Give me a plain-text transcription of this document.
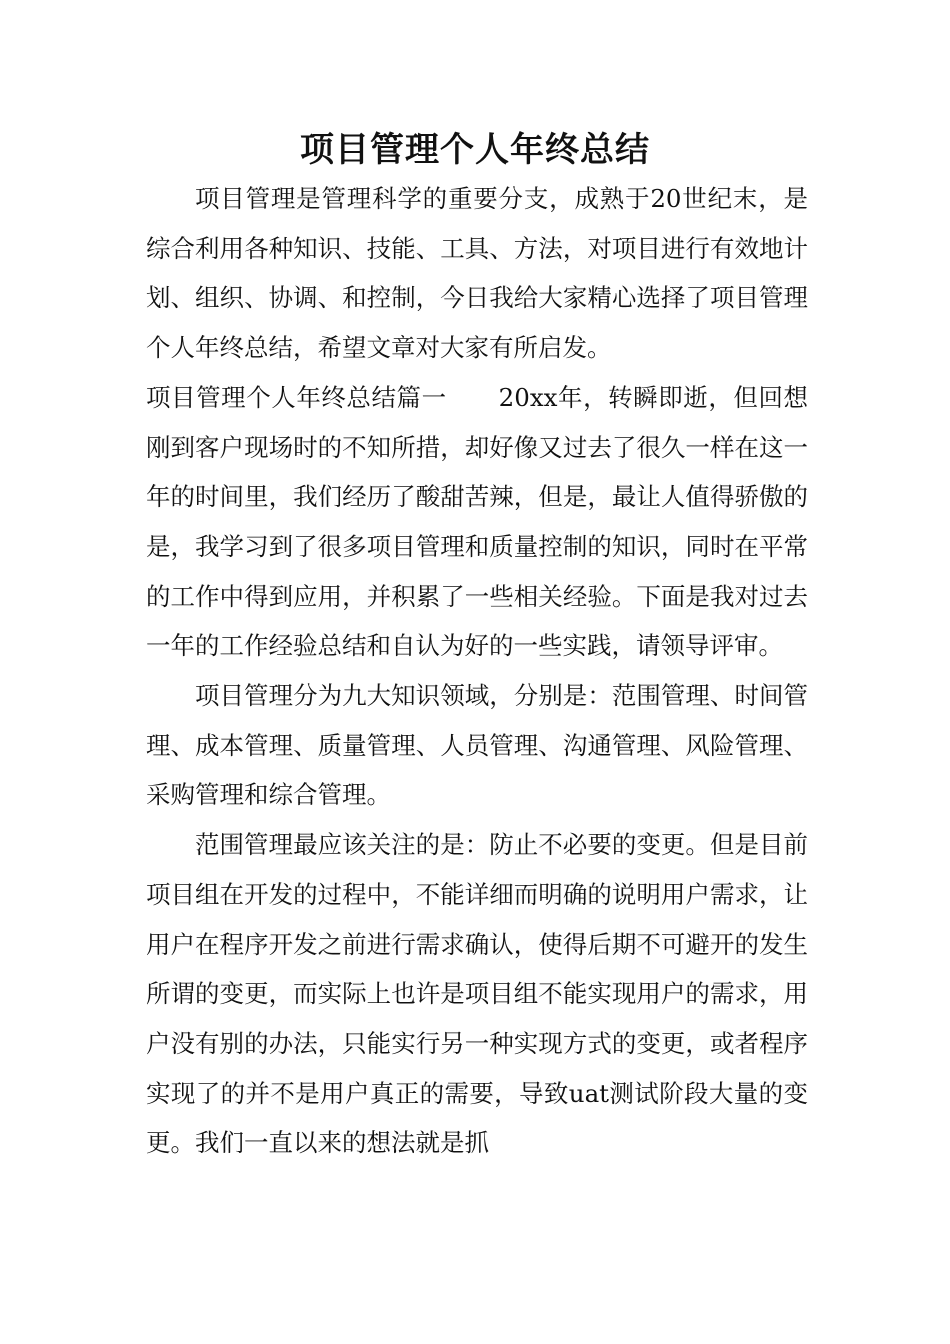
项目管理个人年终总结

项目管理是管理科学的重要分支，成熟于20世纪末，是综合利用各种知识、技能、工具、方法，对项目进行有效地计划、组织、协调、和控制，今日我给大家精心选择了项目管理个人年终总结，希望文章对大家有所启发。

项目管理个人年终总结篇一 20xx年，转瞬即逝，但回想刚到客户现场时的不知所措，却好像又过去了很久一样在这一年的时间里，我们经历了酸甜苦辣，但是，最让人值得骄傲的是，我学习到了很多项目管理和质量控制的知识，同时在平常的工作中得到应用，并积累了一些相关经验。下面是我对过去一年的工作经验总结和自认为好的一些实践，请领导评审。

项目管理分为九大知识领域，分别是：范围管理、时间管理、成本管理、质量管理、人员管理、沟通管理、风险管理、采购管理和综合管理。

范围管理最应该关注的是：防止不必要的变更。但是目前项目组在开发的过程中，不能详细而明确的说明用户需求，让用户在程序开发之前进行需求确认，使得后期不可避开的发生所谓的变更，而实际上也许是项目组不能实现用户的需求，用户没有别的办法，只能实行另一种实现方式的变更，或者程序实现了的并不是用户真正的需要，导致uat测试阶段大量的变更。我们一直以来的想法就是抓
